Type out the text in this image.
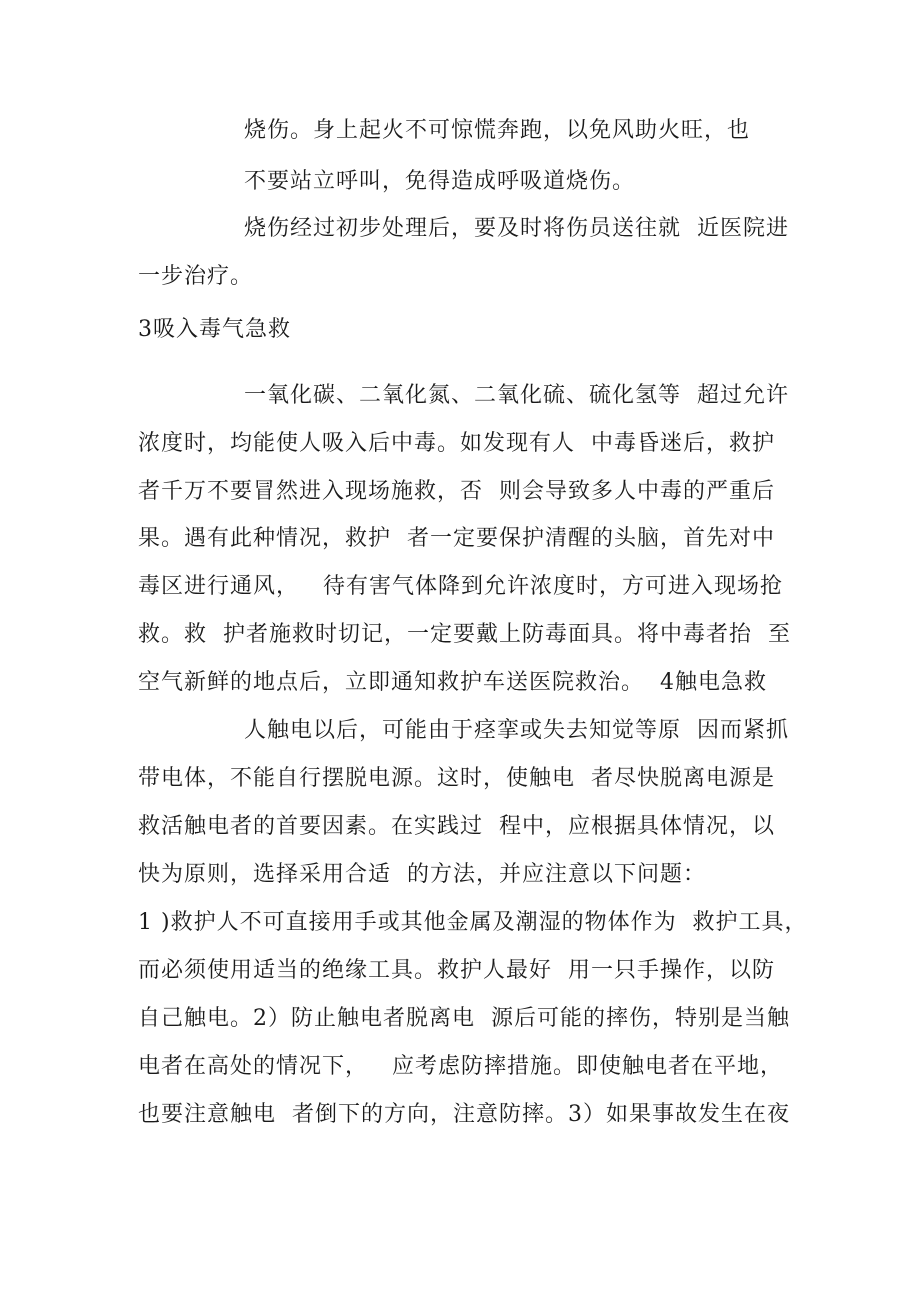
烧伤。身上起火不可惊慌奔跑，以免风助火旺，也
不要站立呼叫，免得造成呼吸道烧伤。
烧伤经过初步处理后，要及时将伤员送往就  近医院进
一步治疗。
3吸入毒气急救
一氧化碳、二氧化氮、二氧化硫、硫化氢等  超过允许
浓度时，均能使人吸入后中毒。如发现有人  中毒昏迷后，救护
者千万不要冒然进入现场施救，否  则会导致多人中毒的严重后
果。遇有此种情况，救护  者一定要保护清醒的头脑，首先对中
毒区进行通风，   待有害气体降到允许浓度时，方可进入现场抢
救。救  护者施救时切记，一定要戴上防毒面具。将中毒者抬  至
空气新鲜的地点后，立即通知救护车送医院救治。  4触电急救
人触电以后，可能由于痉挛或失去知觉等原  因而紧抓
带电体，不能自行摆脱电源。这时，使触电  者尽快脱离电源是
救活触电者的首要因素。在实践过  程中，应根据具体情况，以
快为原则，选择采用合适  的方法，并应注意以下问题：
1 )救护人不可直接用手或其他金属及潮湿的物体作为  救护工具，
而必须使用适当的绝缘工具。救护人最好  用一只手操作，以防
自己触电。2）防止触电者脱离电  源后可能的摔伤，特别是当触
电者在高处的情况下，   应考虑防摔措施。即使触电者在平地，
也要注意触电  者倒下的方向，注意防摔。3）如果事故发生在夜
